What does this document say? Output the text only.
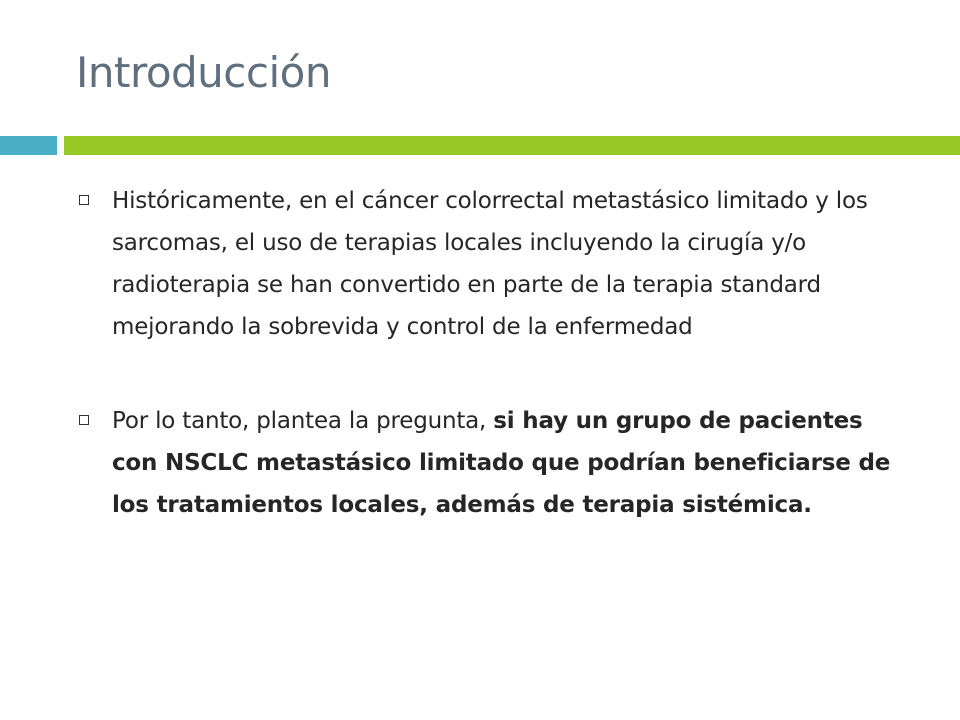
Introducción
Históricamente, en el cáncer colorrectal metastásico limitado y los sarcomas, el uso de terapias locales incluyendo la cirugía y/o radioterapia se han convertido en parte de la terapia standard mejorando la sobrevida y control de la enfermedad
Por lo tanto, plantea la pregunta, si hay un grupo de pacientes con NSCLC metastásico limitado que podrían beneficiarse de los tratamientos locales, además de terapia sistémica.
